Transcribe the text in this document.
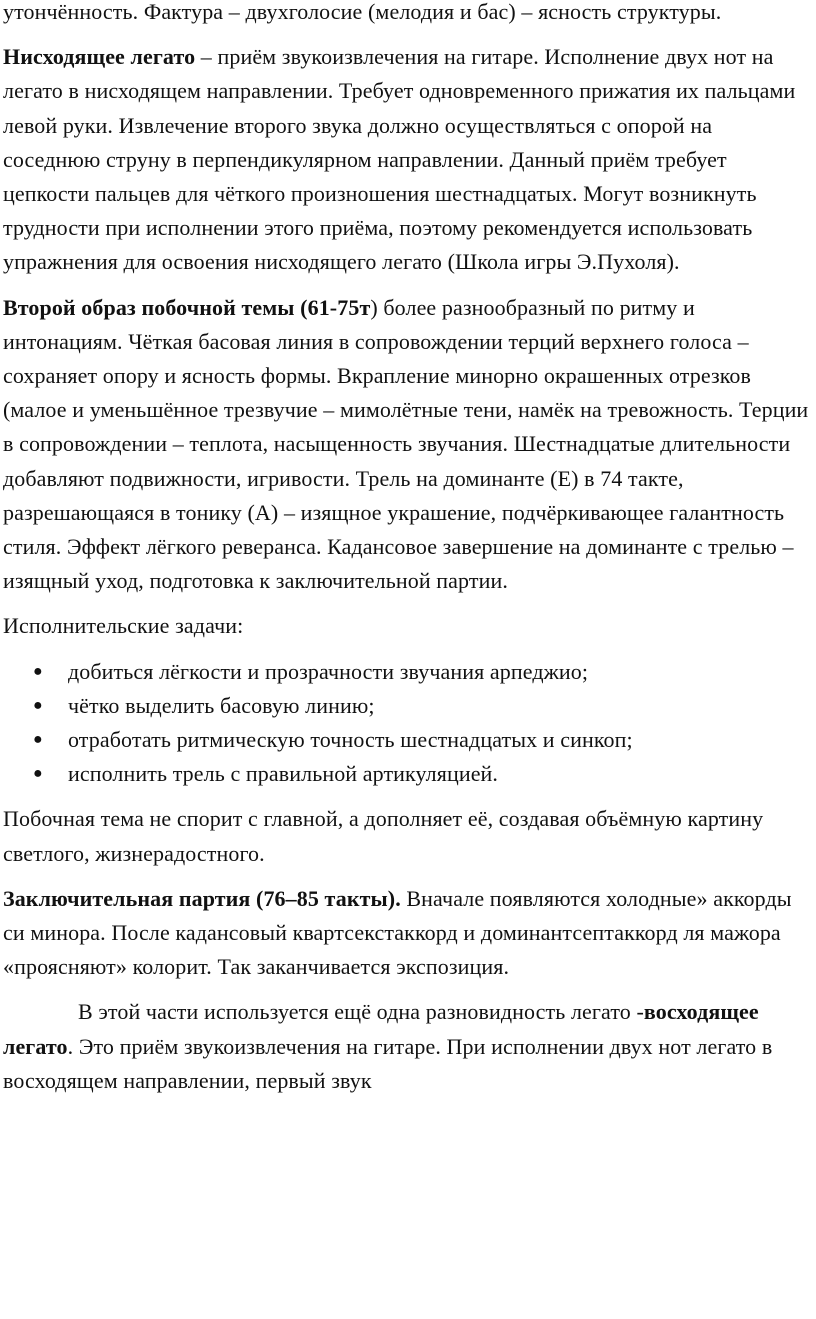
утончённость. Фактура – двухголосие (мелодия и бас) – ясность структуры.

Нисходящее легато – приём звукоизвлечения на гитаре. Исполнение двух нот на легато в нисходящем направлении. Требует одновременного прижатия их пальцами левой руки. Извлечение второго звука должно осуществляться с опорой на соседнюю струну в перпендикулярном направлении. Данный приём требует цепкости пальцев для чёткого произношения шестнадцатых. Могут возникнуть трудности при исполнении этого приёма, поэтому рекомендуется использовать упражнения для освоения нисходящего легато (Школа игры Э.Пухоля).

Второй образ побочной темы (61-75т) более разнообразный по ритму и интонациям. Чёткая басовая линия в сопровождении терций верхнего голоса – сохраняет опору и ясность формы. Вкрапление минорно окрашенных отрезков (малое и уменьшённое трезвучие – мимолётные тени, намёк на тревожность. Терции в сопровождении – теплота, насыщенность звучания. Шестнадцатые длительности добавляют подвижности, игривости. Трель на доминанте (E) в 74 такте, разрешающаяся в тонику (A) – изящное украшение, подчёркивающее галантность стиля. Эффект лёгкого реверанса. Кадансовое завершение на доминанте с трелью – изящный уход, подготовка к заключительной партии.

Исполнительские задачи:

● добиться лёгкости и прозрачности звучания арпеджио;
● чётко выделить басовую линию;
● отработать ритмическую точность шестнадцатых и синкоп;
● исполнить трель с правильной артикуляцией.

Побочная тема не спорит с главной, а дополняет её, создавая объёмную картину светлого, жизнерадостного.

Заключительная партия (76–85 такты). Вначале появляются холодные» аккорды си минора. После кадансовый квартсекстаккорд и доминантсептаккорд ля мажора «проясняют» колорит. Так заканчивается экспозиция.

В этой части используется ещё одна разновидность легато -восходящее легато. Это приём звукоизвлечения на гитаре. При исполнении двух нот легато в восходящем направлении, первый звук
